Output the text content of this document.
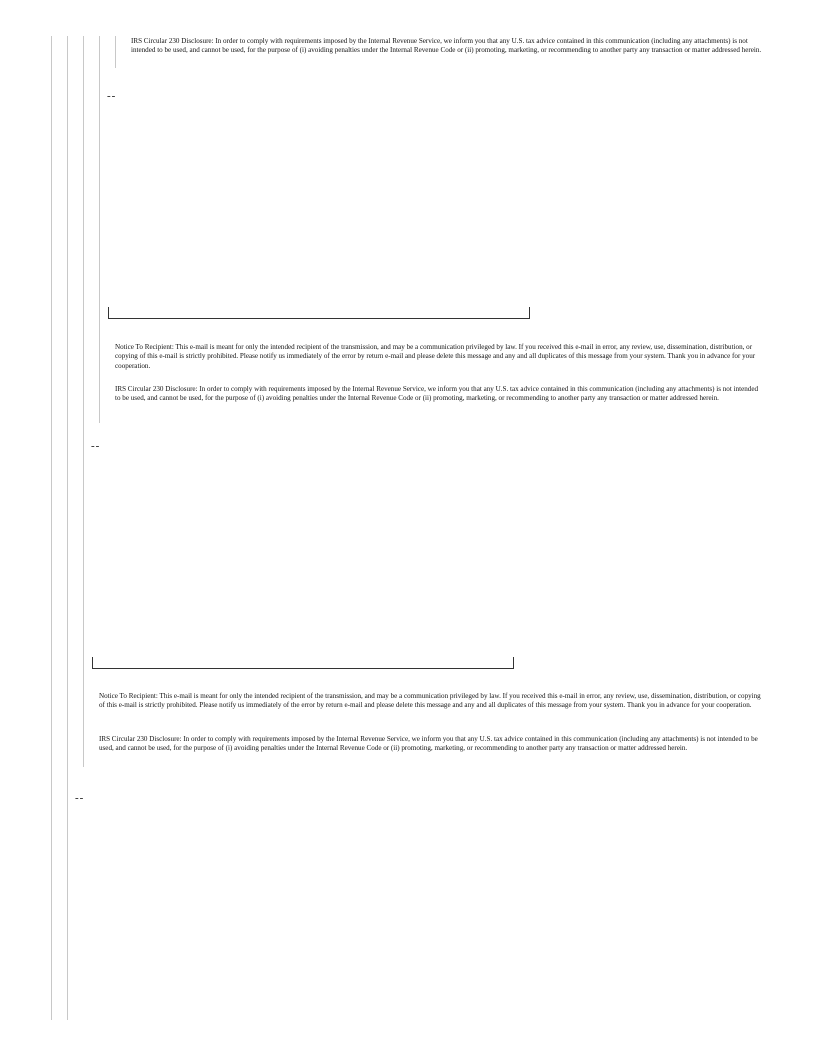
IRS Circular 230 Disclosure: In order to comply with requirements imposed by the Internal Revenue Service, we inform you that any U.S. tax advice contained in this communication (including any attachments) is not intended to be used, and cannot be used, for the purpose of (i) avoiding penalties under the Internal Revenue Code or (ii) promoting, marketing, or recommending to another party any transaction or matter addressed herein.

--

Notice To Recipient: This e-mail is meant for only the intended recipient of the transmission, and may be a communication privileged by law. If you received this e-mail in error, any review, use, dissemination, distribution, or copying of this e-mail is strictly prohibited. Please notify us immediately of the error by return e-mail and please delete this message and any and all duplicates of this message from your system. Thank you in advance for your cooperation.

IRS Circular 230 Disclosure: In order to comply with requirements imposed by the Internal Revenue Service, we inform you that any U.S. tax advice contained in this communication (including any attachments) is not intended to be used, and cannot be used, for the purpose of (i) avoiding penalties under the Internal Revenue Code or (ii) promoting, marketing, or recommending to another party any transaction or matter addressed herein.

--

Notice To Recipient: This e-mail is meant for only the intended recipient of the transmission, and may be a communication privileged by law. If you received this e-mail in error, any review, use, dissemination, distribution, or copying of this e-mail is strictly prohibited. Please notify us immediately of the error by return e-mail and please delete this message and any and all duplicates of this message from your system. Thank you in advance for your cooperation.

IRS Circular 230 Disclosure: In order to comply with requirements imposed by the Internal Revenue Service, we inform you that any U.S. tax advice contained in this communication (including any attachments) is not intended to be used, and cannot be used, for the purpose of (i) avoiding penalties under the Internal Revenue Code or (ii) promoting, marketing, or recommending to another party any transaction or matter addressed herein.

--
